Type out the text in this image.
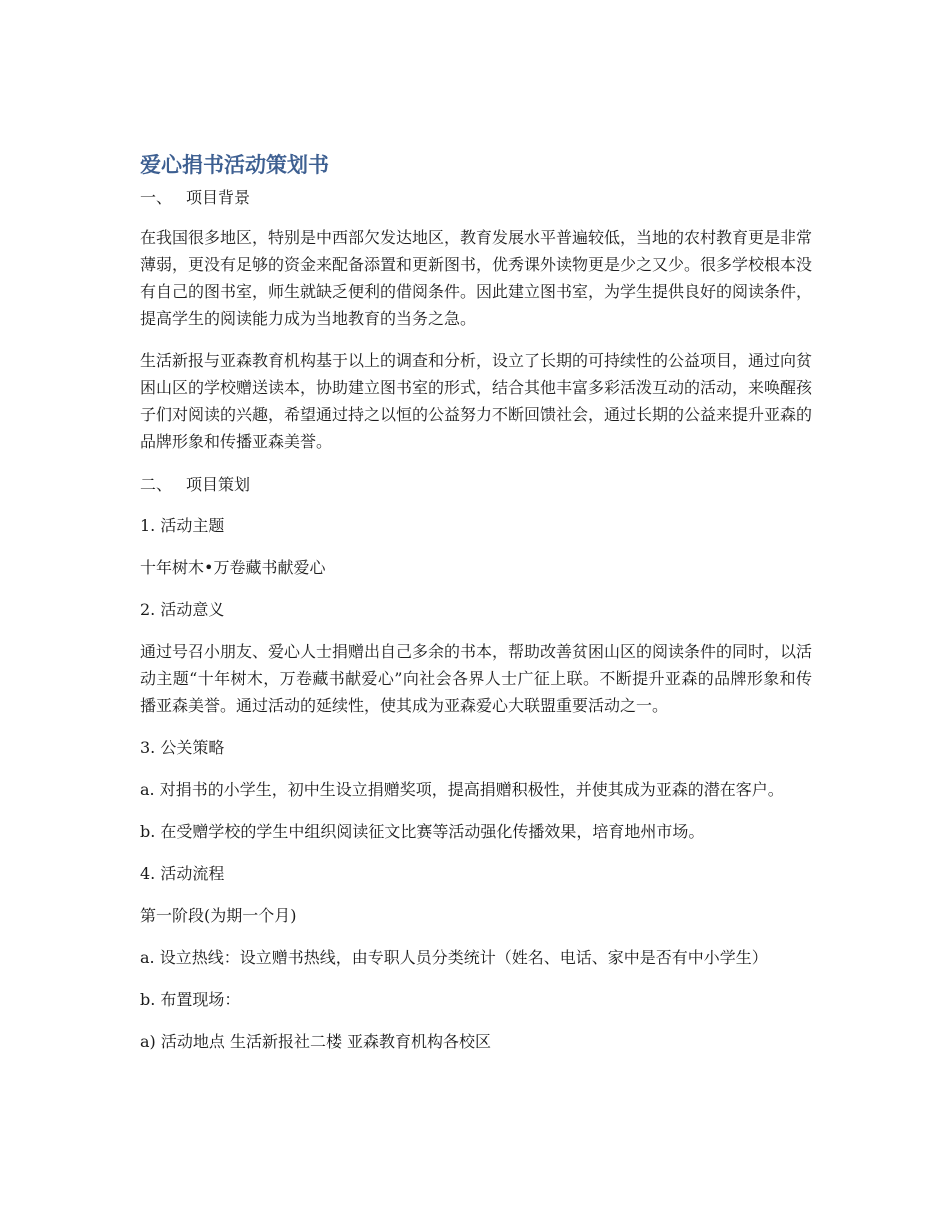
爱心捐书活动策划书
一、 项目背景

在我国很多地区，特别是中西部欠发达地区，教育发展水平普遍较低，当地的农村教育更是非常薄弱，更没有足够的资金来配备添置和更新图书，优秀课外读物更是少之又少。很多学校根本没有自己的图书室，师生就缺乏便利的借阅条件。因此建立图书室，为学生提供良好的阅读条件，提高学生的阅读能力成为当地教育的当务之急。

生活新报与亚森教育机构基于以上的调查和分析，设立了长期的可持续性的公益项目，通过向贫困山区的学校赠送读本，协助建立图书室的形式，结合其他丰富多彩活泼互动的活动，来唤醒孩子们对阅读的兴趣，希望通过持之以恒的公益努力不断回馈社会，通过长期的公益来提升亚森的品牌形象和传播亚森美誉。

二、 项目策划

1. 活动主题

十年树木•万卷藏书献爱心

2. 活动意义

通过号召小朋友、爱心人士捐赠出自己多余的书本，帮助改善贫困山区的阅读条件的同时，以活动主题“十年树木，万卷藏书献爱心”向社会各界人士广征上联。不断提升亚森的品牌形象和传播亚森美誉。通过活动的延续性，使其成为亚森爱心大联盟重要活动之一。

3. 公关策略

a. 对捐书的小学生，初中生设立捐赠奖项，提高捐赠积极性，并使其成为亚森的潜在客户。

b. 在受赠学校的学生中组织阅读征文比赛等活动强化传播效果，培育地州市场。

4. 活动流程

第一阶段(为期一个月)

a. 设立热线：设立赠书热线，由专职人员分类统计（姓名、电话、家中是否有中小学生）

b. 布置现场：

a) 活动地点 生活新报社二楼 亚森教育机构各校区
